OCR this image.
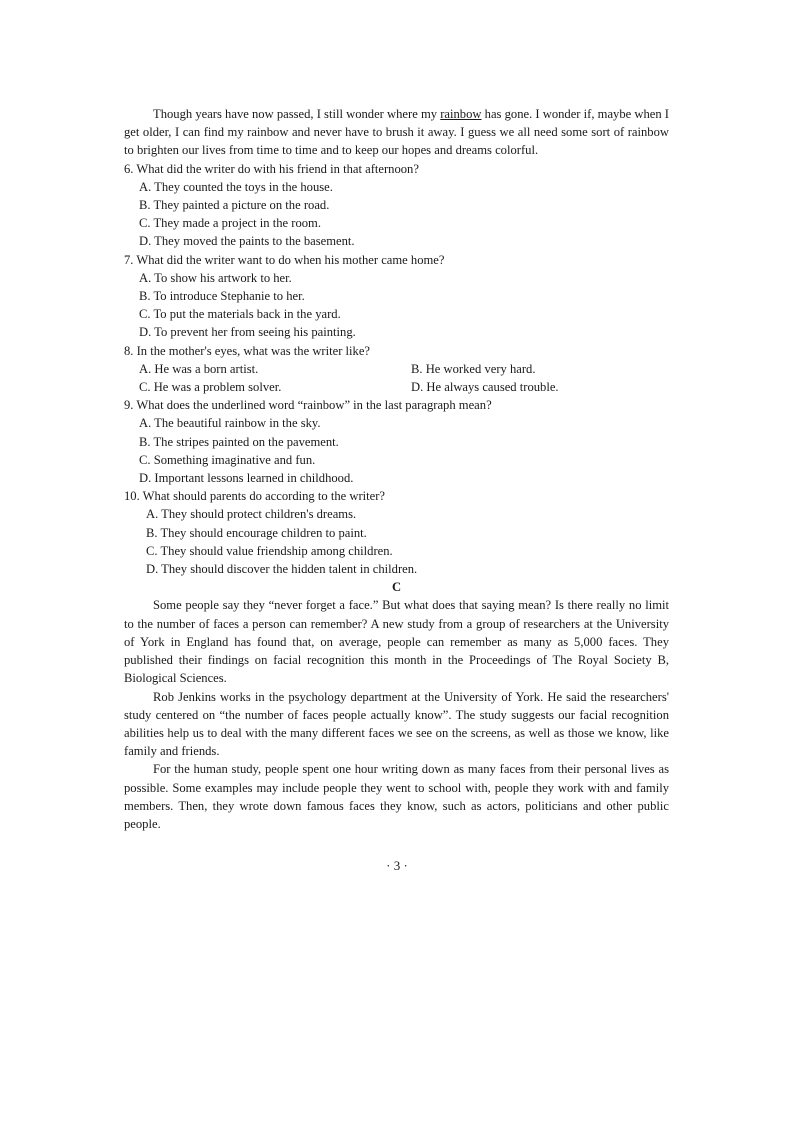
Though years have now passed, I still wonder where my rainbow has gone. I wonder if, maybe when I get older, I can find my rainbow and never have to brush it away. I guess we all need some sort of rainbow to brighten our lives from time to time and to keep our hopes and dreams colorful.

6. What did the writer do with his friend in that afternoon?

A. They counted the toys in the house.

B. They painted a picture on the road.

C. They made a project in the room.

D. They moved the paints to the basement.

7. What did the writer want to do when his mother came home?

A. To show his artwork to her.

B. To introduce Stephanie to her.

C. To put the materials back in the yard.

D. To prevent her from seeing his painting.

8. In the mother's eyes, what was the writer like?

A. He was a born artist.	B. He worked very hard.
C. He was a problem solver.	D. He always caused trouble.

9. What does the underlined word “rainbow” in the last paragraph mean?

A. The beautiful rainbow in the sky.

B. The stripes painted on the pavement.

C. Something imaginative and fun.

D. Important lessons learned in childhood.

10. What should parents do according to the writer?

A. They should protect children's dreams.

B. They should encourage children to paint.

C. They should value friendship among children.

D. They should discover the hidden talent in children.

C

Some people say they “never forget a face.” But what does that saying mean? Is there really no limit to the number of faces a person can remember? A new study from a group of researchers at the University of York in England has found that, on average, people can remember as many as 5,000 faces. They published their findings on facial recognition this month in the Proceedings of The Royal Society B, Biological Sciences.

Rob Jenkins works in the psychology department at the University of York. He said the researchers' study centered on “the number of faces people actually know”. The study suggests our facial recognition abilities help us to deal with the many different faces we see on the screens, as well as those we know, like family and friends.

For the human study, people spent one hour writing down as many faces from their personal lives as possible. Some examples may include people they went to school with, people they work with and family members. Then, they wrote down famous faces they know, such as actors, politicians and other public people.

· 3 ·
